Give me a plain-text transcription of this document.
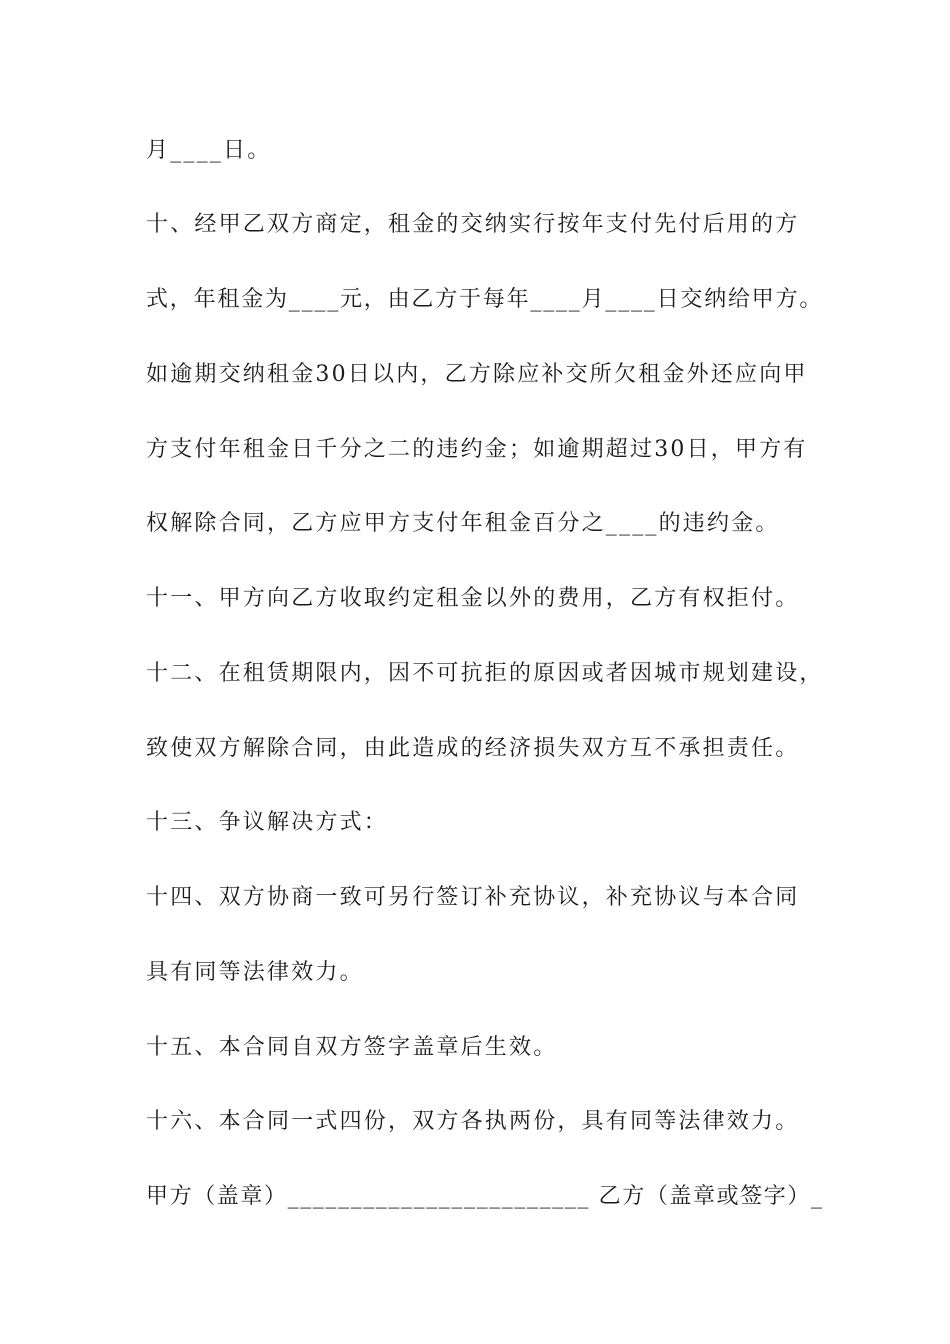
月____日。

十、经甲乙双方商定，租金的交纳实行按年支付先付后用的方

式，年租金为____元，由乙方于每年____月____日交纳给甲方。

如逾期交纳租金30日以内，乙方除应补交所欠租金外还应向甲

方支付年租金日千分之二的违约金；如逾期超过30日，甲方有

权解除合同，乙方应甲方支付年租金百分之____的违约金。

十一、甲方向乙方收取约定租金以外的费用，乙方有权拒付。

十二、在租赁期限内，因不可抗拒的原因或者因城市规划建设，

致使双方解除合同，由此造成的经济损失双方互不承担责任。

十三、争议解决方式：

十四、双方协商一致可另行签订补充协议，补充协议与本合同

具有同等法律效力。

十五、本合同自双方签字盖章后生效。

十六、本合同一式四份，双方各执两份，具有同等法律效力。

甲方（盖章）________________________ 乙方（盖章或签字）_
